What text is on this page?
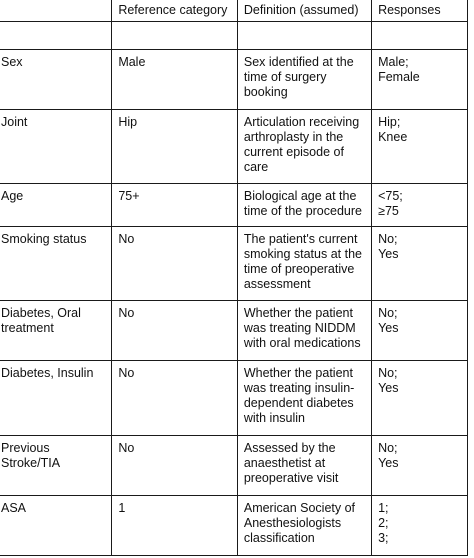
	Reference category	Definition (assumed)	Responses

Sex	Male	Sex identified at the time of surgery booking	Male;
Female

Joint	Hip	Articulation receiving arthroplasty in the current episode of care	Hip;
Knee

Age	75+	Biological age at the time of the procedure	<75;
≥75

Smoking status	No	The patient's current smoking status at the time of preoperative assessment	No;
Yes

Diabetes, Oral treatment	No	Whether the patient was treating NIDDM with oral medications	No;
Yes

Diabetes, Insulin	No	Whether the patient was treating insulin-dependent diabetes with insulin	No;
Yes

Previous Stroke/TIA	No	Assessed by the anaesthetist at preoperative visit	No;
Yes

ASA	1	American Society of Anesthesiologists classification	1;
2;
3;
